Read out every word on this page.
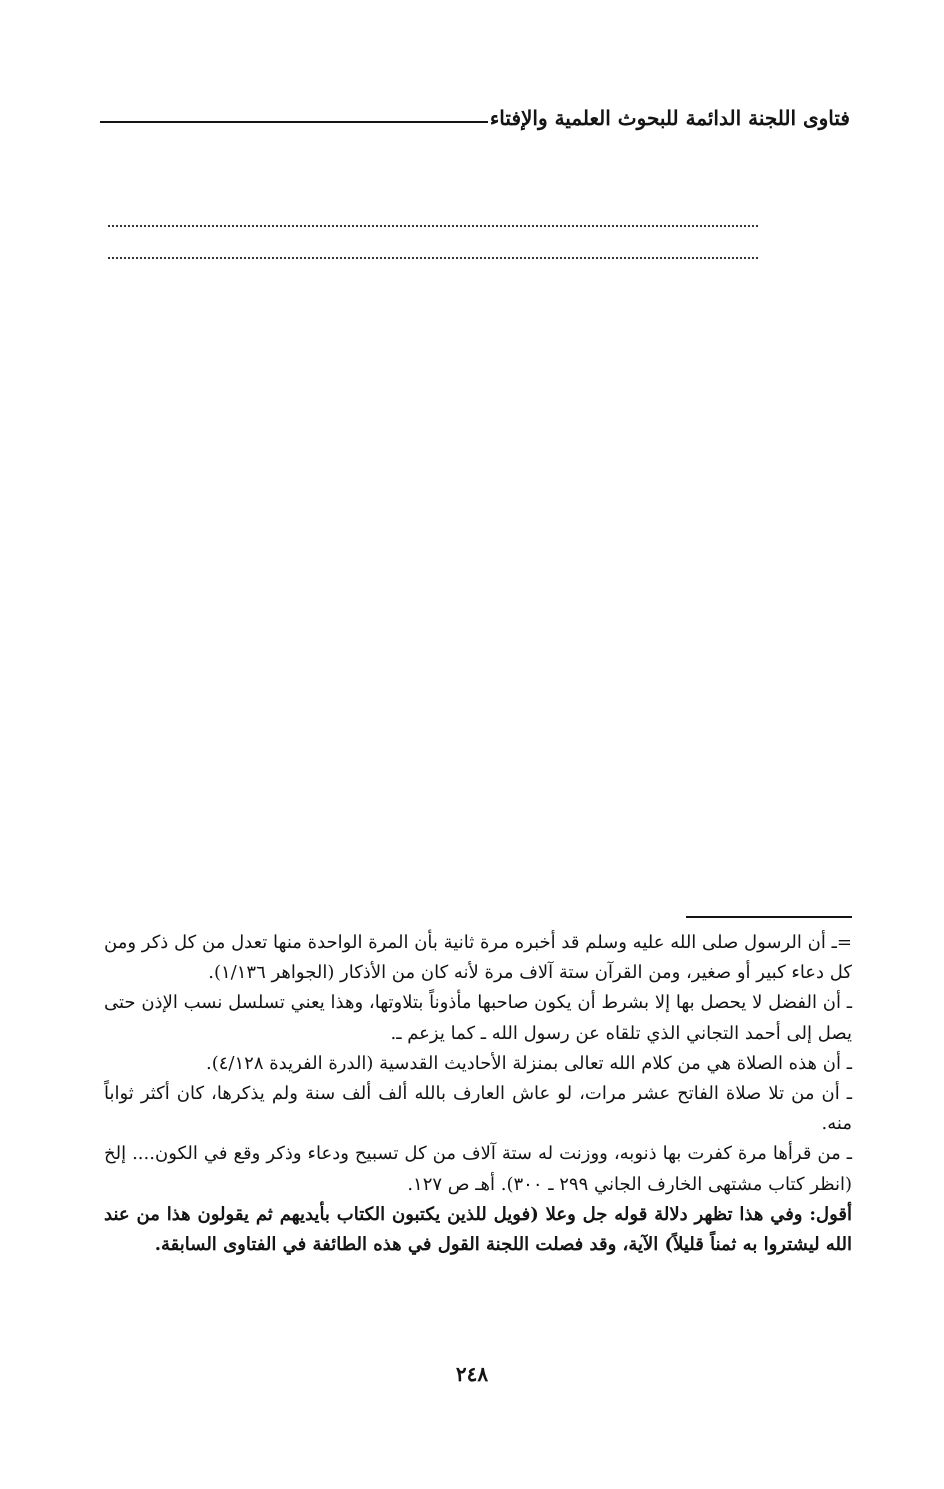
فتاوى اللجنة الدائمة للبحوث العلمية والإفتاء

=ـ أن الرسول صلى الله عليه وسلم قد أخبره مرة ثانية بأن المرة الواحدة منها تعدل من كل ذكر ومن كل دعاء كبير أو صغير، ومن القرآن ستة آلاف مرة لأنه كان من الأذكار (الجواهر ١/١٣٦).

ـ أن الفضل لا يحصل بها إلا بشرط أن يكون صاحبها مأذوناً بتلاوتها، وهذا يعني تسلسل نسب الإذن حتى يصل إلى أحمد التجاني الذي تلقاه عن رسول الله ـ كما يزعم ـ.

ـ أن هذه الصلاة هي من كلام الله تعالى بمنزلة الأحاديث القدسية (الدرة الفريدة ٤/١٢٨).

ـ أن من تلا صلاة الفاتح عشر مرات، لو عاش العارف بالله ألف ألف سنة ولم يذكرها، كان أكثر ثواباً منه.

ـ من قرأها مرة كفرت بها ذنوبه، ووزنت له ستة آلاف من كل تسبيح ودعاء وذكر وقع في الكون.... إلخ (انظر كتاب مشتهى الخارف الجاني ٢٩٩ ـ ٣٠٠). أهـ ص ١٢٧.

أقول: وفي هذا تظهر دلالة قوله جل وعلا (فويل للذين يكتبون الكتاب بأيديهم ثم يقولون هذا من عند الله ليشتروا به ثمناً قليلاً) الآية، وقد فصلت اللجنة القول في هذه الطائفة في الفتاوى السابقة.

٢٤٨
